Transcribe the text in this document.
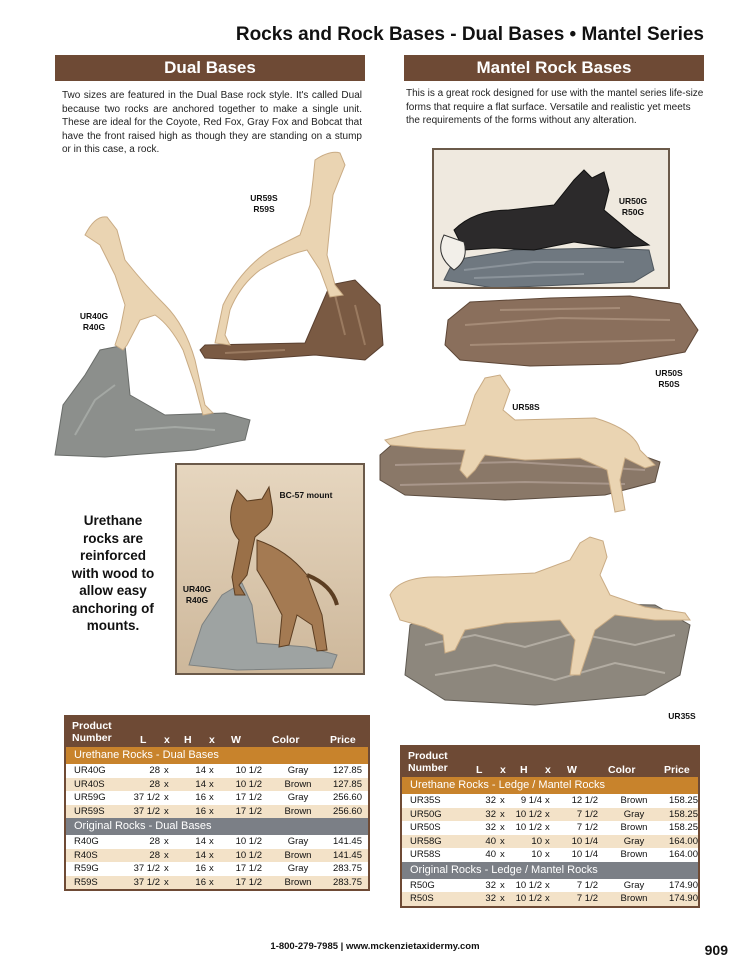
Rocks and Rock Bases - Dual Bases • Mantel Series
Dual Bases	Mantel Rock Bases
Two sizes are featured in the Dual Base rock style. It's called Dual because two rocks are anchored together to make a single unit. These are ideal for the Coyote, Red Fox, Gray Fox and Bobcat that have the front raised high as though they are standing on a stump or in this case, a rock.
This is a great rock designed for use with the mantel series life-size forms that require a flat surface. Versatile and realistic yet meets the requirements of the forms without any alteration.
UR59S
R59S
UR40G
R40G
Urethane
rocks are
reinforced
with wood to
allow easy
anchoring of
mounts.
BC-57 mount
UR40G
R40G
UR50G
R50G
UR50S
R50S
UR58S
UR35S
Product
Number	L x H x W	Color	Price
Urethane Rocks - Dual Bases
UR40G	28 x	14 x	10 1/2	Gray	127.85
UR40S	28 x	14 x	10 1/2	Brown	127.85
UR59G	37 1/2 x	16 x	17 1/2	Gray	256.60
UR59S	37 1/2 x	16 x	17 1/2	Brown	256.60
Original Rocks - Dual Bases
R40G	28 x	14 x	10 1/2	Gray	141.45
R40S	28 x	14 x	10 1/2	Brown	141.45
R59G	37 1/2 x	16 x	17 1/2	Gray	283.75
R59S	37 1/2 x	16 x	17 1/2	Brown	283.75
Product
Number	L x H x W	Color	Price
Urethane Rocks - Ledge / Mantel Rocks
UR35S	32 x	9 1/4 x	12 1/2	Brown	158.25
UR50G	32 x	10 1/2 x	7 1/2	Gray	158.25
UR50S	32 x	10 1/2 x	7 1/2	Brown	158.25
UR58G	40 x	10 x	10 1/4	Gray	164.00
UR58S	40 x	10 x	10 1/4	Brown	164.00
Original Rocks - Ledge / Mantel Rocks
R50G	32 x	10 1/2 x	7 1/2	Gray	174.90
R50S	32 x	10 1/2 x	7 1/2	Brown	174.90
1-800-279-7985 | www.mckenzietaxidermy.com	909
